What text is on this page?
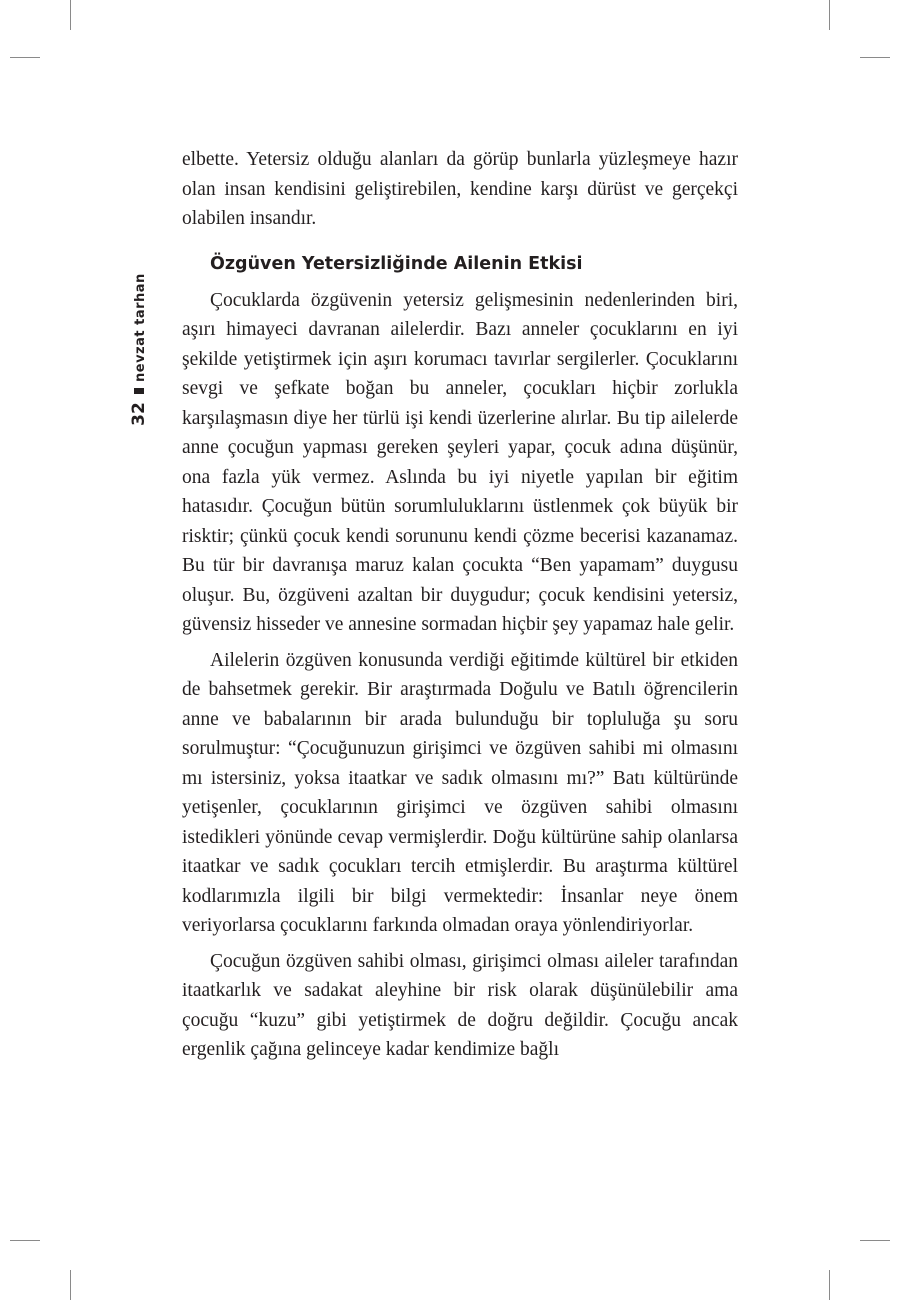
nevzat tarhan
32

elbette. Yetersiz olduğu alanları da görüp bunlarla yüzleşmeye hazır olan insan kendisini geliştirebilen, kendine karşı dürüst ve gerçekçi olabilen insandır.

Özgüven Yetersizliğinde Ailenin Etkisi

Çocuklarda özgüvenin yetersiz gelişmesinin nedenlerinden biri, aşırı himayeci davranan ailelerdir. Bazı anneler çocuklarını en iyi şekilde yetiştirmek için aşırı korumacı tavırlar sergilerler. Çocuklarını sevgi ve şefkate boğan bu anneler, çocukları hiçbir zorlukla karşılaşmasın diye her türlü işi kendi üzerlerine alırlar. Bu tip ailelerde anne çocuğun yapması gereken şeyleri yapar, çocuk adına düşünür, ona fazla yük vermez. Aslında bu iyi niyetle yapılan bir eğitim hatasıdır. Çocuğun bütün sorumluluklarını üstlenmek çok büyük bir risktir; çünkü çocuk kendi sorununu kendi çözme becerisi kazanamaz. Bu tür bir davranışa maruz kalan çocukta “Ben yapamam” duygusu oluşur. Bu, özgüveni azaltan bir duygudur; çocuk kendisini yetersiz, güvensiz hisseder ve annesine sormadan hiçbir şey yapamaz hale gelir.

Ailelerin özgüven konusunda verdiği eğitimde kültürel bir etkiden de bahsetmek gerekir. Bir araştırmada Doğulu ve Batılı öğrencilerin anne ve babalarının bir arada bulunduğu bir topluluğa şu soru sorulmuştur: “Çocuğunuzun girişimci ve özgüven sahibi mi olmasını mı istersiniz, yoksa itaatkar ve sadık olmasını mı?” Batı kültüründe yetişenler, çocuklarının girişimci ve özgüven sahibi olmasını istedikleri yönünde cevap vermişlerdir. Doğu kültürüne sahip olanlarsa itaatkar ve sadık çocukları tercih etmişlerdir. Bu araştırma kültürel kodlarımızla ilgili bir bilgi vermektedir: İnsanlar neye önem veriyorlarsa çocuklarını farkında olmadan oraya yönlendiriyorlar.

Çocuğun özgüven sahibi olması, girişimci olması aileler tarafından itaatkarlık ve sadakat aleyhine bir risk olarak düşünülebilir ama çocuğu “kuzu” gibi yetiştirmek de doğru değildir. Çocuğu ancak ergenlik çağına gelinceye kadar kendimize bağlı
